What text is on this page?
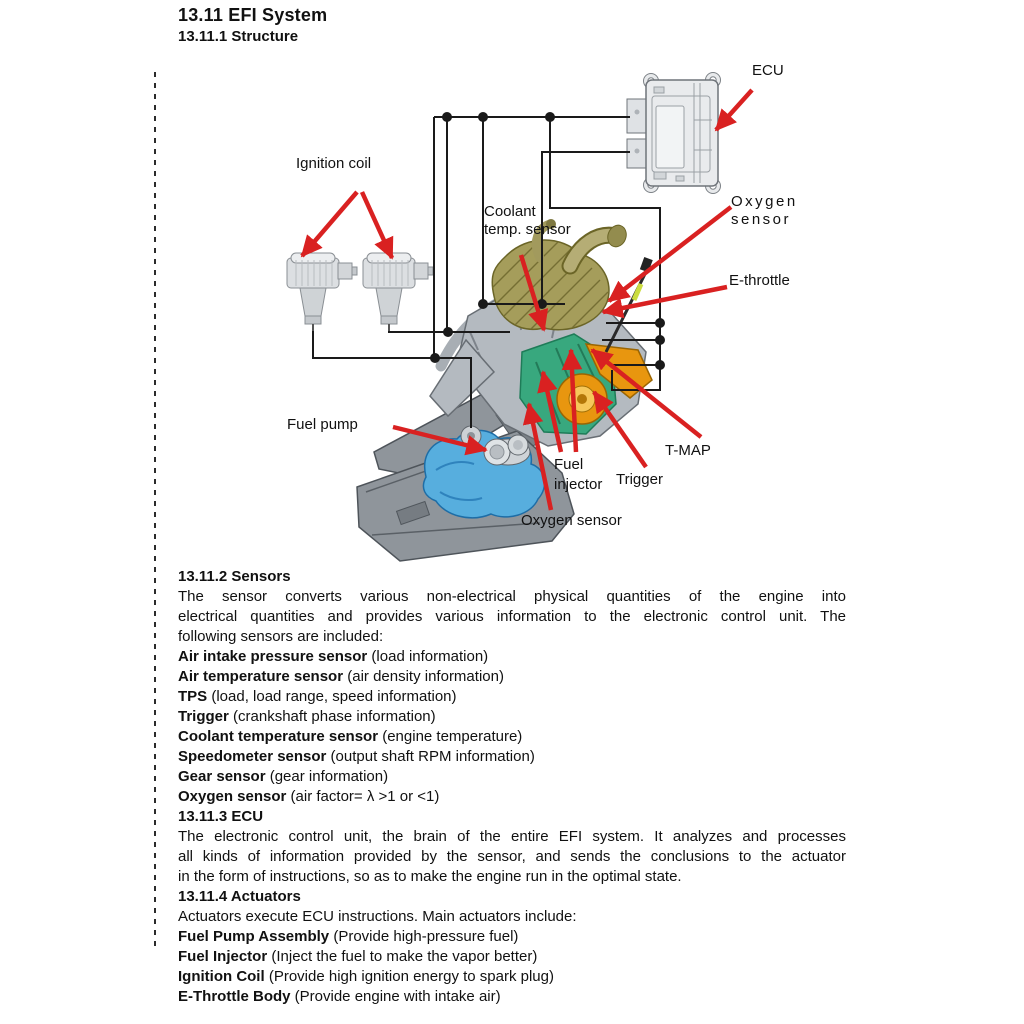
13.11 EFI System
13.11.1 Structure
ECU
Ignition coil
Coolant
temp. sensor
Oxygen
sensor
E-throttle
Fuel pump
Fuel
injector Trigger
T-MAP
Oxygen sensor
13.11.2 Sensors
The sensor converts various non-electrical physical quantities of the engine into
electrical quantities and provides various information to the electronic control unit. The
following sensors are included:
Air intake pressure sensor (load information)
Air temperature sensor (air density information)
TPS (load, load range, speed information)
Trigger (crankshaft phase information)
Coolant temperature sensor (engine temperature)
Speedometer sensor (output shaft RPM information)
Gear sensor (gear information)
Oxygen sensor (air factor= λ >1 or <1)
13.11.3 ECU
The electronic control unit, the brain of the entire EFI system. It analyzes and processes
all kinds of information provided by the sensor, and sends the conclusions to the actuator
in the form of instructions, so as to make the engine run in the optimal state.
13.11.4 Actuators
Actuators execute ECU instructions. Main actuators include:
Fuel Pump Assembly (Provide high-pressure fuel)
Fuel Injector (Inject the fuel to make the vapor better)
Ignition Coil (Provide high ignition energy to spark plug)
E-Throttle Body (Provide engine with intake air)
